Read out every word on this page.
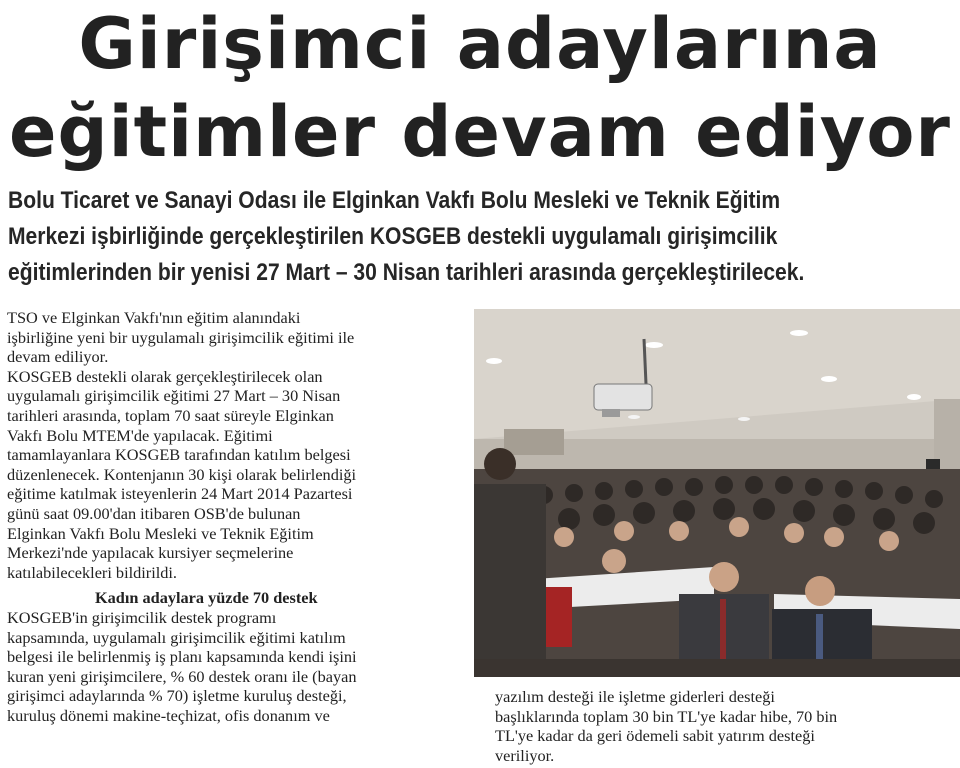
Girişimci adaylarına
eğitimler devam ediyor
Bolu Ticaret ve Sanayi Odası ile Elginkan Vakfı Bolu Mesleki ve Teknik Eğitim
Merkezi işbirliğinde gerçekleştirilen KOSGEB destekli uygulamalı girişimcilik
eğitimlerinden bir yenisi 27 Mart – 30 Nisan tarihleri arasında gerçekleştirilecek.

TSO ve Elginkan Vakfı'nın eğitim alanındaki

işbirliğine yeni bir uygulamalı girişimcilik eğitimi ile

devam ediliyor.

KOSGEB destekli olarak gerçekleştirilecek olan

uygulamalı girişimcilik eğitimi 27 Mart – 30 Nisan

tarihleri arasında, toplam 70 saat süreyle Elginkan

Vakfı Bolu MTEM'de yapılacak. Eğitimi

tamamlayanlara KOSGEB tarafından katılım belgesi

düzenlenecek. Kontenjanın 30 kişi olarak belirlendiği

eğitime katılmak isteyenlerin 24 Mart 2014 Pazartesi

günü saat 09.00'dan itibaren OSB'de bulunan

Elginkan Vakfı Bolu Mesleki ve Teknik Eğitim

Merkezi'nde yapılacak kursiyer seçmelerine

katılabilecekleri bildirildi.

Kadın adaylara yüzde 70 destek

KOSGEB'in girişimcilik destek programı

kapsamında, uygulamalı girişimcilik eğitimi katılım

belgesi ile belirlenmiş iş planı kapsamında kendi işini

kuran yeni girişimcilere, % 60 destek oranı ile (bayan

girişimci adaylarında % 70) işletme kuruluş desteği,

kuruluş dönemi makine-teçhizat, ofis donanım ve

yazılım desteği ile işletme giderleri desteği

başlıklarında toplam 30 bin TL'ye kadar hibe, 70 bin

TL'ye kadar da geri ödemeli sabit yatırım desteği

veriliyor.
